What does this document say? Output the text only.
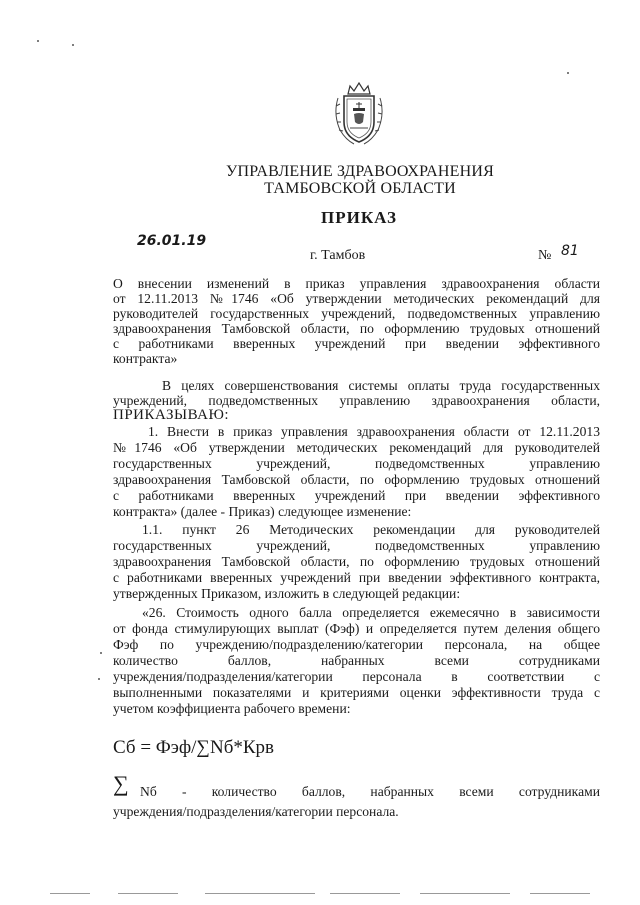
УПРАВЛЕНИЕ ЗДРАВООХРАНЕНИЯ
ТАМБОВСКОЙ ОБЛАСТИ
ПРИКАЗ
26.01.19
г. Тамбов	№ 81
О внесении изменений в приказ управления здравоохранения области
от 12.11.2013 №1746 «Об утверждении методических рекомендаций для
руководителей государственных учреждений, подведомственных управлению
здравоохранения Тамбовской области, по оформлению трудовых отношений
с работниками вверенных учреждений при введении эффективного
контракта»
В целях совершенствования системы оплаты труда государственных
учреждений, подведомственных управлению здравоохранения области,
ПРИКАЗЫВАЮ:
1. Внести в приказ управления здравоохранения области от 12.11.2013
№1746 «Об утверждении методических рекомендаций для руководителей
государственных учреждений, подведомственных управлению
здравоохранения Тамбовской области, по оформлению трудовых отношений
с работниками вверенных учреждений при введении эффективного
контракта» (далее - Приказ) следующее изменение:
1.1. пункт 26 Методических рекомендации для руководителей
государственных учреждений, подведомственных управлению
здравоохранения Тамбовской области, по оформлению трудовых отношений
с работниками вверенных учреждений при введении эффективного контракта,
утвержденных Приказом, изложить в следующей редакции:
«26. Стоимость одного балла определяется ежемесячно в зависимости
от фонда стимулирующих выплат (Фэф) и определяется путем деления общего
Фэф по учреждению/подразделению/категории персонала, на общее
количество баллов, набранных всеми сотрудниками
учреждения/подразделения/категории персонала в соответствии с
выполненными показателями и критериями оценки эффективности труда с
учетом коэффициента рабочего времени:
Сб = Фэф/∑Nб*Крв
∑ Nб - количество баллов, набранных всеми сотрудниками
учреждения/подразделения/категории персонала.
